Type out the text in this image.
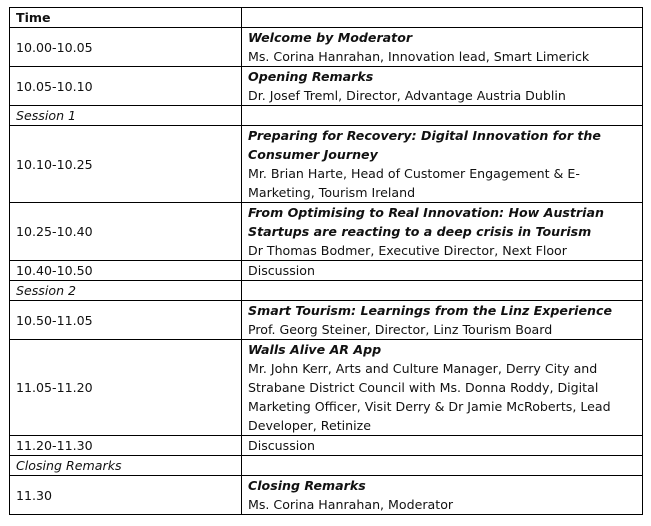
Time	
10.00-10.05	Welcome by Moderator
Ms. Corina Hanrahan, Innovation lead, Smart Limerick

10.05-10.10	Opening Remarks
Dr. Josef Treml, Director, Advantage Austria Dublin

Session 1	
10.10-10.25	Preparing for Recovery: Digital Innovation for the
Consumer Journey
Mr. Brian Harte, Head of Customer Engagement & E-
Marketing, Tourism Ireland

10.25-10.40	From Optimising to Real Innovation: How Austrian
Startups are reacting to a deep crisis in Tourism
Dr Thomas Bodmer, Executive Director, Next Floor

10.40-10.50	Discussion
Session 2	
10.50-11.05	Smart Tourism: Learnings from the Linz Experience
Prof. Georg Steiner, Director, Linz Tourism Board

11.05-11.20	Walls Alive AR App
Mr. John Kerr, Arts and Culture Manager, Derry City and
Strabane District Council with Ms. Donna Roddy, Digital
Marketing Officer, Visit Derry & Dr Jamie McRoberts, Lead
Developer, Retinize

11.20-11.30	Discussion
Closing Remarks	
11.30	Closing Remarks
Ms. Corina Hanrahan, Moderator
